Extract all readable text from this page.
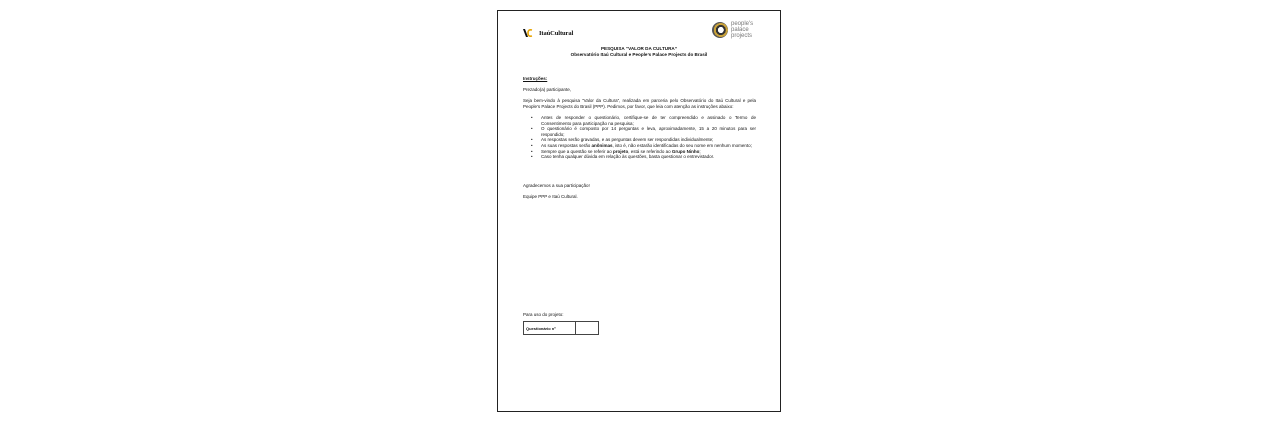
ItaúCultural
people's
palace
projects
PESQUISA “VALOR DA CULTURA”
Observatório Itaú Cultural e People’s Palace Projects do Brasil
Instruções:
Prezado(a) participante,
Seja bem-vindo à pesquisa “Valor da Cultura”, realizada em parceria pelo Observatório do Itaú Cultural e pela People’s Palace Projects do Brasil (PPP). Pedimos, por favor, que leia com atenção as instruções abaixo:
• Antes de responder o questionário, certifique-se de ter compreendido e assinado o Termo de Consentimento para participação na pesquisa;
• O questionário é composto por 14 perguntas e leva, aproximadamente, 15 a 20 minutos para ser respondido;
• As respostas serão gravadas, e as perguntas devem ser respondidas individualmente;
• As suas respostas serão anônimas, isto é, não estarão identificadas do seu nome em nenhum momento;
• Sempre que a questão se referir ao projeto, está se referindo ao Grupo Ninho;
• Caso tenha qualquer dúvida em relação às questões, basta questionar o entrevistador.
Agradecemos a sua participação!
Equipe PPP e Itaú Cultural.
Para uso do projeto:
Questionário nº
